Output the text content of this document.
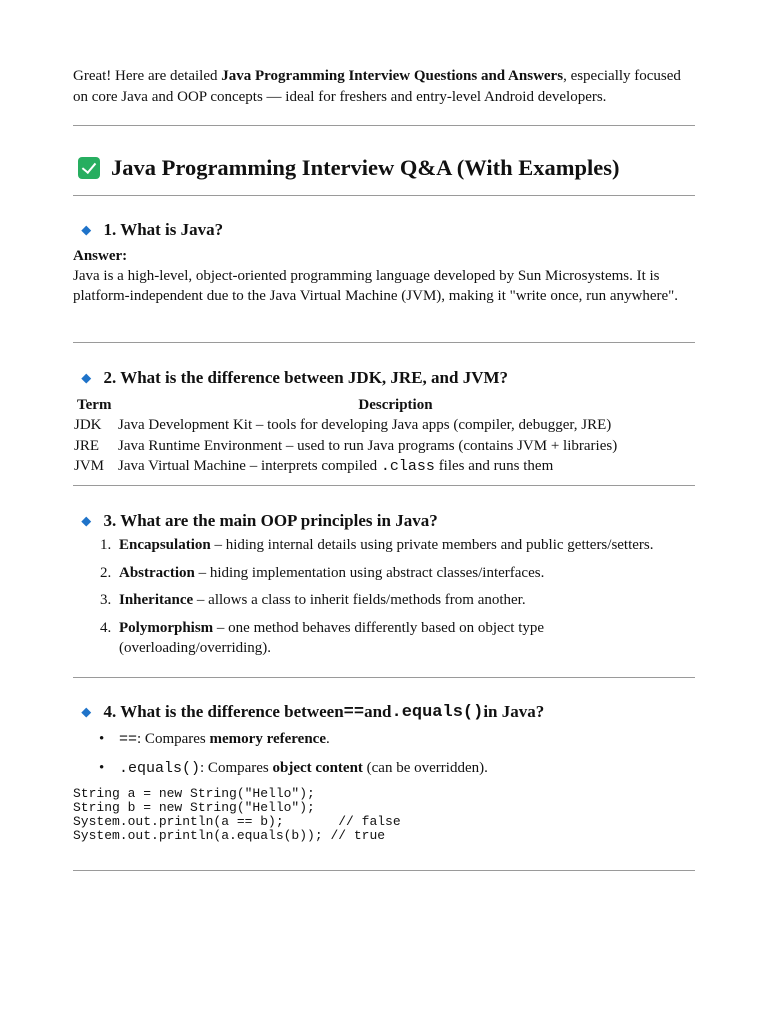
Great! Here are detailed Java Programming Interview Questions and Answers, especially focused on core Java and OOP concepts — ideal for freshers and entry-level Android developers.
Java Programming Interview Q&A (With Examples)
1. What is Java?
Answer:
Java is a high-level, object-oriented programming language developed by Sun Microsystems. It is platform-independent due to the Java Virtual Machine (JVM), making it "write once, run anywhere".
2. What is the difference between JDK, JRE, and JVM?
Term	Description
JDK	Java Development Kit – tools for developing Java apps (compiler, debugger, JRE)
JRE	Java Runtime Environment – used to run Java programs (contains JVM + libraries)
JVM	Java Virtual Machine – interprets compiled .class files and runs them
3. What are the main OOP principles in Java?
1. Encapsulation – hiding internal details using private members and public getters/setters.
2. Abstraction – hiding implementation using abstract classes/interfaces.
3. Inheritance – allows a class to inherit fields/methods from another.
4. Polymorphism – one method behaves differently based on object type (overloading/overriding).
4. What is the difference between == and .equals() in Java?
• ==: Compares memory reference.
• .equals(): Compares object content (can be overridden).
String a = new String("Hello");
String b = new String("Hello");
System.out.println(a == b);       // false
System.out.println(a.equals(b)); // true
